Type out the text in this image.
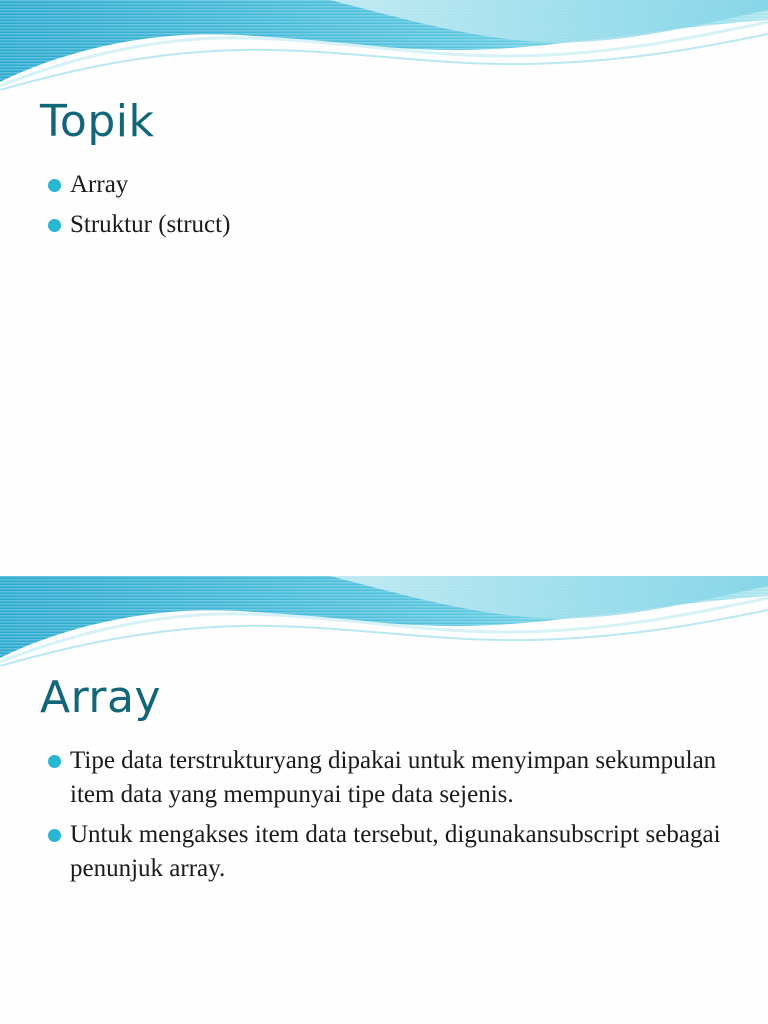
Topik
Array
Struktur (struct)
Array
Tipe data terstrukturyang dipakai untuk menyimpan sekumpulan item data yang mempunyai tipe data sejenis.
Untuk mengakses item data tersebut, digunakansubscript sebagai penunjuk array.
